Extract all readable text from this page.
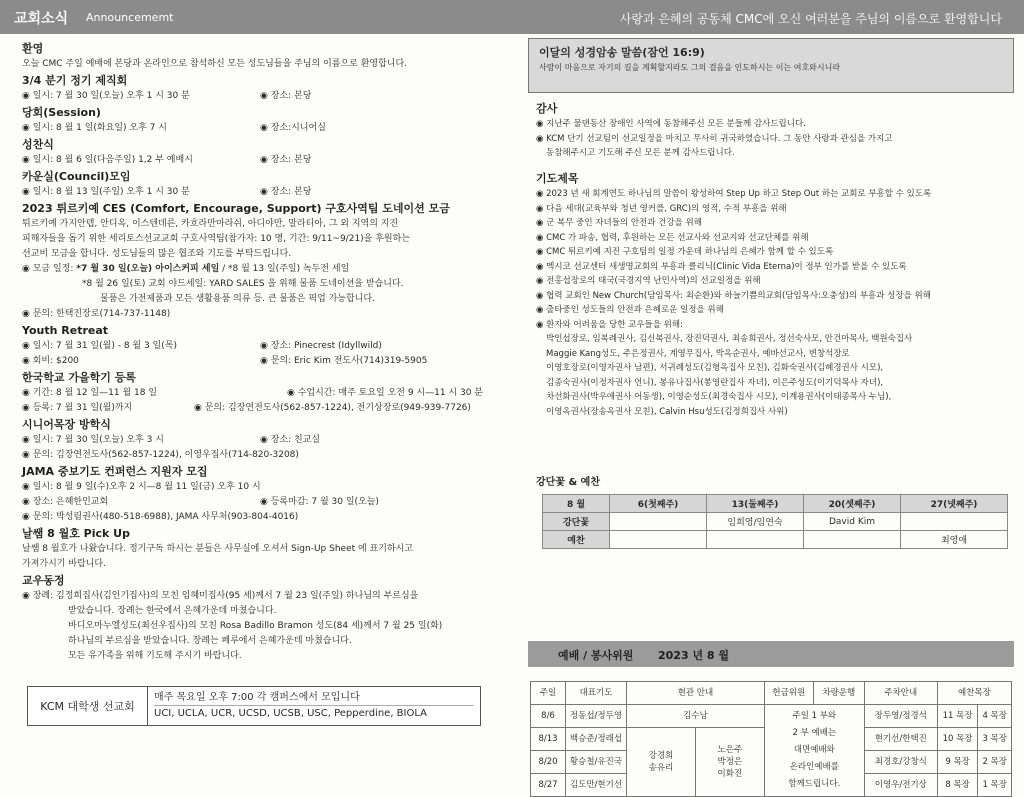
교회소식 Announcememt	사랑과 은혜의 공동체 CMC에 오신 여러분을 주님의 이름으로 환영합니다
환영
오늘 CMC 주일 예배에 본당과 온라인으로 참석하신 모든 성도님들을 주님의 이름으로 환영합니다.
3/4 분기 정기 제직회
◉ 일시: 7 월 30 일(오늘) 오후 1 시 30 분	◉ 장소: 본당
당회(Session)
◉ 일시: 8 월 1 일(화요일) 오후 7 시	◉ 장소:시니어실
성찬식
◉ 일시: 8 월 6 일(다음주일) 1,2 부 예배시	◉ 장소: 본당
카운실(Council)모임
◉ 일시: 8 월 13 일(주일) 오후 1 시 30 분	◉ 장소: 본당
2023 튀르키예 CES (Comfort, Encourage, Support) 구호사역팀 도네이션 모금
튀르키예 가지안텝, 안디옥, 이스텐데른, 카흐라만마라쉬, 아디야만, 말라티아, 그 외 지역의 지진
피해자들을 돕기 위한 세리토스선교교회 구호사역팀(참가자: 10 명, 기간: 9/11~9/21)을 후원하는
선교비 모금을 합니다. 성도님들의 많은 협조와 기도를 부탁드립니다.
◉ 모금 일정: *7 월 30 일(오늘) 아이스커피 세일 / *8 월 13 일(주일) 녹두전 세일
*8 월 26 일(토) 교회 야드세일: YARD SALES 을 위해 물품 도네이션을 받습니다.
물품은 가전제품과 모든 생활용품 의류 등. 큰 물품은 픽업 가능합니다.
◉ 문의: 한택진장로(714-737-1148)
Youth Retreat
◉ 일시: 7 월 31 일(월) - 8 월 3 일(목)	◉ 장소: Pinecrest (Idyllwild)
◉ 회비: $200	◉ 문의: Eric Kim 전도사(714)319-5905
한국학교 가을학기 등록
◉ 기간: 8 월 12 일—11 월 18 일	◉ 수업시간: 매주 토요일 오전 9 시—11 시 30 분
◉ 등록: 7 월 31 일(월)까지	◉ 문의: 김장연전도사(562-857-1224), 전기상장로(949-939-7726)
시니어목장 방학식
◉ 일시: 7 월 30 일(오늘) 오후 3 시	◉ 장소: 친교실
◉ 문의: 김장연전도사(562-857-1224), 이영우집사(714-820-3208)
JAMA 중보기도 컨퍼런스 지원자 모집
◉ 일시: 8 월 9 일(수)오후 2 시—8 월 11 일(금) 오후 10 시
◉ 장소: 은혜한인교회	◉ 등록마감: 7 월 30 일(오늘)
◉ 문의: 박성림권사(480-518-6988), JAMA 사무처(903-804-4016)
날쌤 8 월호 Pick Up
날쌤 8 월호가 나왔습니다. 정기구독 하시는 분들은 사무실에 오셔서 Sign-Up Sheet 에 표기하시고
가져가시기 바랍니다.
교우동정
◉ 장례: 김정희집사(김인기집사)의 모친 임혜미집사(95 세)께서 7 월 23 일(주일) 하나님의 부르심을
받았습니다. 장례는 한국에서 은혜가운데 마쳤습니다.
바디오마누엘성도(최선우집사)의 모친 Rosa Badillo Bramon 성도(84 세)께서 7 월 25 일(화)
하나님의 부르심을 받았습니다. 장례는 페루에서 은혜가운데 마쳤습니다.
모든 유가족을 위해 기도해 주시기 바랍니다.
KCM 대학생 선교회
매주 목요일 오후 7:00 각 캠퍼스에서 모입니다
UCI, UCLA, UCR, UCSD, UCSB, USC, Pepperdine, BIOLA
이달의 성경암송 말씀(잠언 16:9)
사람이 마음으로 자기의 길을 계획할지라도 그의 걸음을 인도하시는 이는 여호와시니라
감사
◉ 지난주 물댄동산 장애인 사역에 동참해주신 모든 분들께 감사드립니다.
◉ KCM 단기 선교팀이 선교일정을 마치고 무사히 귀국하였습니다. 그 동안 사랑과 관심을 가지고
동참해주시고 기도해 주신 모든 분께 감사드립니다.
기도제목
◉ 2023 년 새 회계연도 하나님의 말씀이 왕성하여 Step Up 하고 Step Out 하는 교회로 부흥할 수 있도록
◉ 다음 세대(교육부와 청년 영커플, GRC)의 영적, 수적 부흥을 위해
◉ 군 복무 중인 자녀들의 안전과 건강을 위해
◉ CMC 가 파송, 협력, 후원하는 모든 선교사와 선교지와 선교단체를 위해
◉ CMC 튀르키예 지진 구호팀의 일정 가운데 하나님의 은혜가 함께 할 수 있도록
◉ 멕시코 선교센터 새생명교회의 부흥과 클리닉(Clinic Vida Eterna)이 정부 인가를 받을 수 있도록
◉ 전홍섭장로의 태국(국경지역 난민사역)의 선교일정을 위해
◉ 협력 교회인 New Church(담임목사: 최순환)와 하늘기쁨의교회(담임목사:오충성)의 부흥과 성장을 위해
◉ 출타중인 성도들의 안전과 은혜로운 일정을 위해
◉ 환자와 어려움을 당한 교우들을 위해:
박인섭장로, 임복례권사, 김신복권사, 장진덕권사, 최송희권사, 정선숙사모, 안건마목사, 백원숙집사
Maggie Kang성도, 주은정권사, 계영무집사, 박옥순권사, 예바선교사, 변창석장로
이영호장로(이영자권사 남편), 서귀례성도(김형옥집사 모친), 김화숙권사(김혜경권사 시모),
김종숙권사(이정자권사 언니), 봉유나집사(봉영란집사 자녀), 이은주성도(이기덕목사 자녀),
차선화권사(박우애권사 어동생), 이영순성도(최경숙집사 시모), 이계용권사(이태종목사 누님),
이영옥권사(장송옥권사 모친), Calvin Hsu성도(김정희집사 사위)
강단꽃 & 예찬
8 월	6(첫째주)	13(둘째주)	20(셋째주)	27(넷째주)
강단꽃		임희영/임연숙	David Kim	
예찬				최영애
예배 / 봉사위원 2023 년 8 월
주일	대표기도	현관 안내		헌금위원	차량운행	주차안내	예찬목장	
8/6	정동섭/정두영	김수남		주일 1 부와
2 부 예배는
대면예배와
온라인예배를
함께드립니다.		장두영/정경석	11 목장	4 목장
8/13	백승준/정래섭	강경희
송유리	노은주
박정은
이화진			현기선/한택진	10 목장	3 목장
8/20	황승철/유진국					최경호/강창식	9 목장	2 목장
8/27	김도만/현기선					이영우/전기상	8 목장	1 목장
